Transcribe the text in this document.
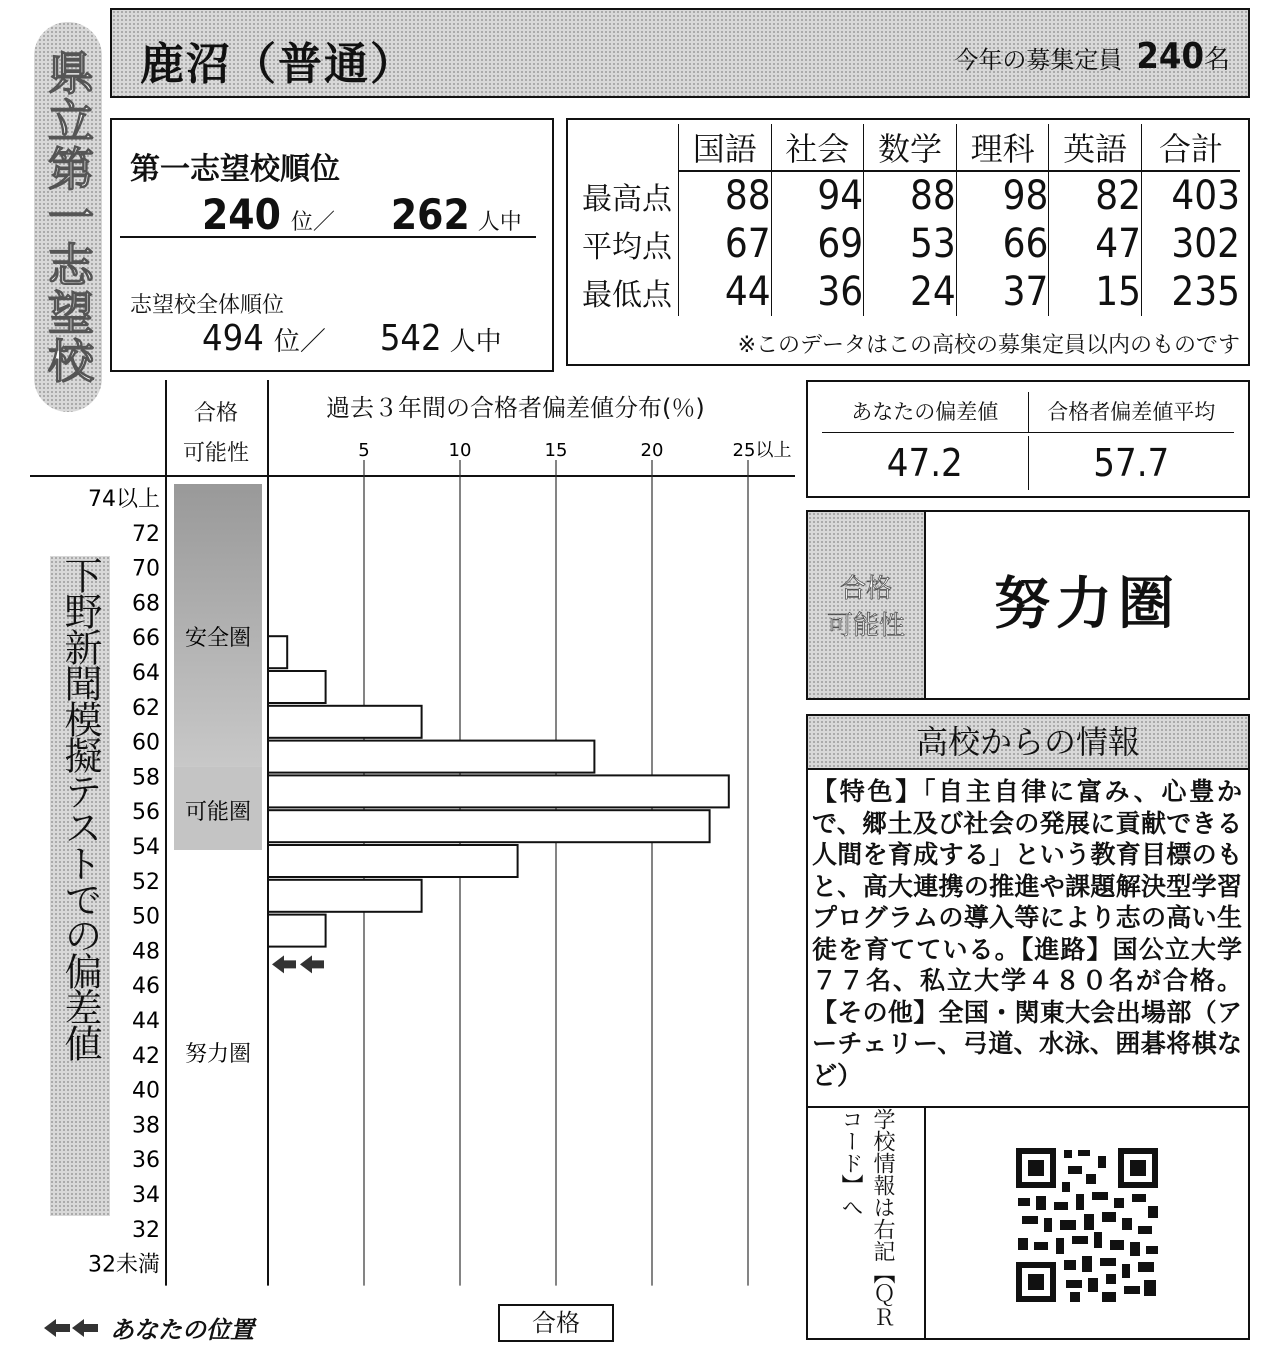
県立第一志望校 鹿沼（普通）	今年の募集定員 240 名
第一志望校順位
240 位／ 262 人中
志望校全体順位
494 位／ 542 人中
	国語	社会	数学	理科	英語	合計
最高点	88	94	88	98	82	403
平均点	67	69	53	66	47	302
最低点	44	36	24	37	15	235
※このデータはこの高校の募集定員以内のものです
あなたの偏差値	合格者偏差値平均
47.2	57.7
合格
可能性	努力圏
高校からの情報
【特色】「自主自律に富み、心豊かで、郷土及び社会の発展に貢献できる人間を育成する」という教育目標のもと、高大連携の推進や課題解決型学習プログラムの導入等により志の高い生徒を育てている。【進路】国公立大学７７名、私立大学４８０名が合格。【その他】全国・関東大会出場部（アーチェリー、弓道、水泳、囲碁将棋など）
学校情報は右記【ＱＲコード】へ
過去３年間の合格者偏差値分布(％)
合格
可能性
下野新聞模擬テストでの偏差値
5	10	15	20	25以上
74以上
72
70
68
66
64
62
60
58
56
54
52
50
48
46
44
42
40
38
36
34
32
32未満
安全圏
可能圏
努力圏
あなたの位置	合格
